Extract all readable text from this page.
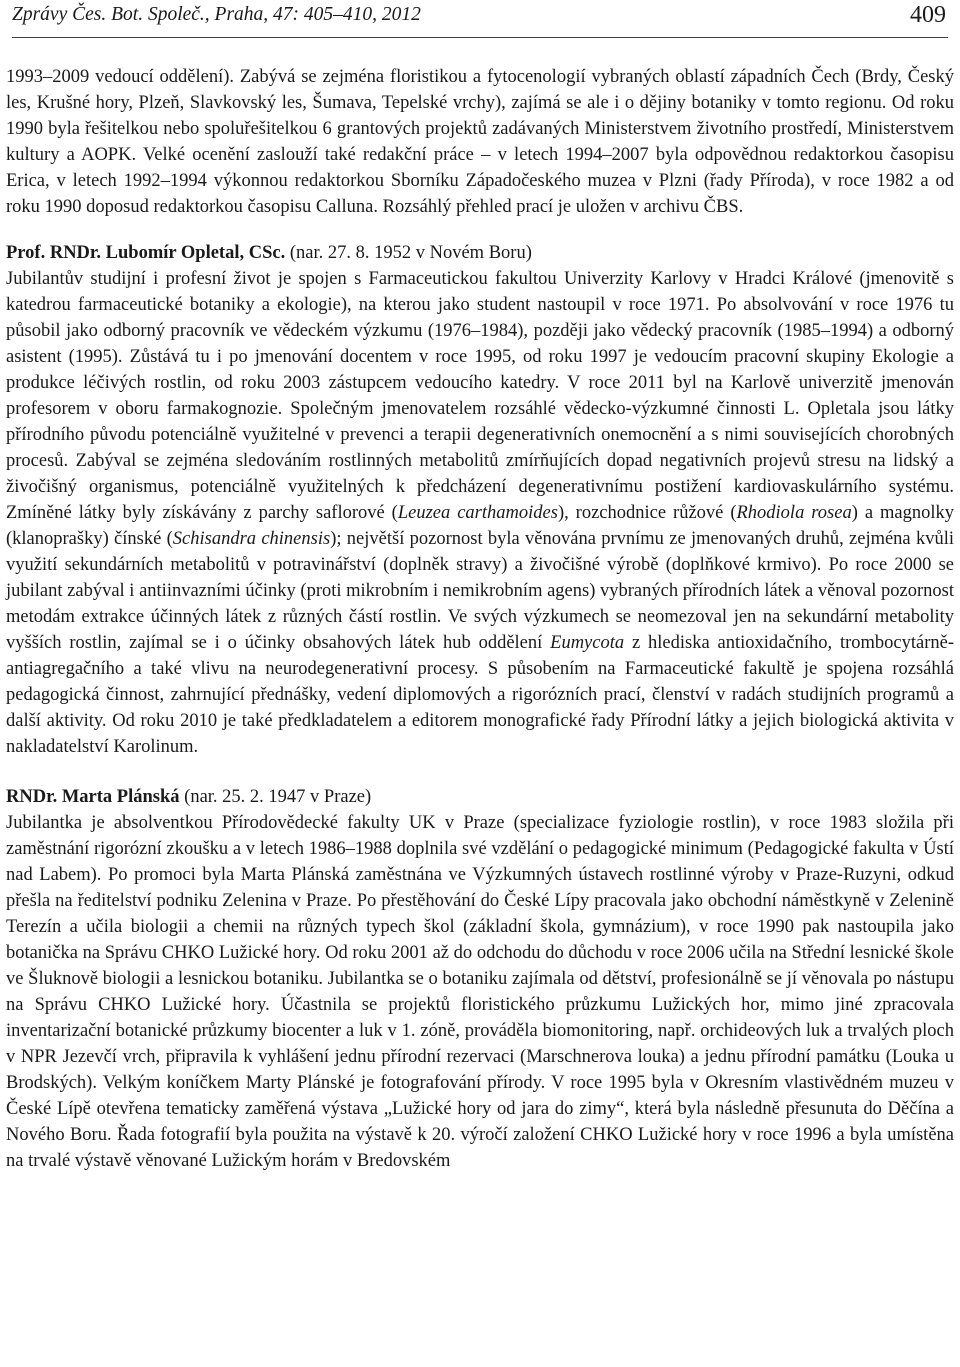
Zprávy Čes. Bot. Společ., Praha, 47: 405–410, 2012	409

1993–2009 vedoucí oddělení). Zabývá se zejména floristikou a fytocenologií vybraných oblastí západních Čech (Brdy, Český les, Krušné hory, Plzeň, Slavkovský les, Šumava, Tepelské vrchy), zajímá se ale i o dějiny botaniky v tomto regionu. Od roku 1990 byla řešitelkou nebo spoluřešitelkou 6 grantových projektů zadávaných Ministerstvem životního prostředí, Ministerstvem kultury a AOPK. Velké ocenění zaslouží také redakční práce – v letech 1994–2007 byla odpovědnou redaktorkou časopisu Erica, v letech 1992–1994 výkonnou redaktorkou Sborníku Západočeského muzea v Plzni (řady Příroda), v roce 1982 a od roku 1990 doposud redaktorkou časopisu Calluna. Rozsáhlý přehled prací je uložen v archivu ČBS.

Prof. RNDr. Lubomír Opletal, CSc. (nar. 27. 8. 1952 v Novém Boru)

Jubilantův studijní i profesní život je spojen s Farmaceutickou fakultou Univerzity Karlovy v Hradci Králové (jmenovitě s katedrou farmaceutické botaniky a ekologie), na kterou jako student nastoupil v roce 1971. Po absolvování v roce 1976 tu působil jako odborný pracovník ve vědeckém výzkumu (1976–1984), později jako vědecký pracovník (1985–1994) a odborný asistent (1995). Zůstává tu i po jmenování docentem v roce 1995, od roku 1997 je vedoucím pracovní skupiny Ekologie a produkce léčivých rostlin, od roku 2003 zástupcem vedoucího katedry. V roce 2011 byl na Karlově univerzitě jmenován profesorem v oboru farmakognozie. Společným jmenovatelem rozsáhlé vědecko-výzkumné činnosti L. Opletala jsou látky přírodního původu potenciálně využitelné v prevenci a terapii degenerativních onemocnění a s nimi souvisejících chorobných procesů. Zabýval se zejména sledováním rostlinných metabolitů zmírňujících dopad negativních projevů stresu na lidský a živočišný organismus, potenciálně využitelných k předcházení degenerativnímu postižení kardiovaskulárního systému. Zmíněné látky byly získávány z parchy saflorové (Leuzea carthamoides), rozchodnice růžové (Rhodiola rosea) a magnolky (klanoprašky) čínské (Schisandra chinensis); největší pozornost byla věnována prvnímu ze jmenovaných druhů, zejména kvůli využití sekundárních metabolitů v potravinářství (doplněk stravy) a živočišné výrobě (doplňkové krmivo). Po roce 2000 se jubilant zabýval i antiinvazními účinky (proti mikrobním i nemikrobním agens) vybraných přírodních látek a věnoval pozornost metodám extrakce účinných látek z různých částí rostlin. Ve svých výzkumech se neomezoval jen na sekundární metabolity vyšších rostlin, zajímal se i o účinky obsahových látek hub oddělení Eumycota z hlediska antioxidačního, trombocytárně-antiagregačního a také vlivu na neurodegenerativní procesy. S působením na Farmaceutické fakultě je spojena rozsáhlá pedagogická činnost, zahrnující přednášky, vedení diplomových a rigorózních prací, členství v radách studijních programů a další aktivity. Od roku 2010 je také předkladatelem a editorem monografické řady Přírodní látky a jejich biologická aktivita v nakladatelství Karolinum.

RNDr. Marta Plánská (nar. 25. 2. 1947 v Praze)

Jubilantka je absolventkou Přírodovědecké fakulty UK v Praze (specializace fyziologie rostlin), v roce 1983 složila při zaměstnání rigorózní zkoušku a v letech 1986–1988 doplnila své vzdělání o pedagogické minimum (Pedagogické fakulta v Ústí nad Labem). Po promoci byla Marta Plánská zaměstnána ve Výzkumných ústavech rostlinné výroby v Praze-Ruzyni, odkud přešla na ředitelství podniku Zelenina v Praze. Po přestěhování do České Lípy pracovala jako obchodní náměstkyně v Zelenině Terezín a učila biologii a chemii na různých typech škol (základní škola, gymnázium), v roce 1990 pak nastoupila jako botanička na Správu CHKO Lužické hory. Od roku 2001 až do odchodu do důchodu v roce 2006 učila na Střední lesnické škole ve Šluknově biologii a lesnickou botaniku. Jubilantka se o botaniku zajímala od dětství, profesionálně se jí věnovala po nástupu na Správu CHKO Lužické hory. Účastnila se projektů floristického průzkumu Lužických hor, mimo jiné zpracovala inventarizační botanické průzkumy biocenter a luk v 1. zóně, prováděla biomonitoring, např. orchideových luk a trvalých ploch v NPR Jezevčí vrch, připravila k vyhlášení jednu přírodní rezervaci (Marschnerova louka) a jednu přírodní památku (Louka u Brodských). Velkým koníčkem Marty Plánské je fotografování přírody. V roce 1995 byla v Okresním vlastivědném muzeu v České Lípě otevřena tematicky zaměřená výstava „Lužické hory od jara do zimy“, která byla následně přesunuta do Děčína a Nového Boru. Řada fotografií byla použita na výstavě k 20. výročí založení CHKO Lužické hory v roce 1996 a byla umístěna na trvalé výstavě věnované Lužickým horám v Bredovském
